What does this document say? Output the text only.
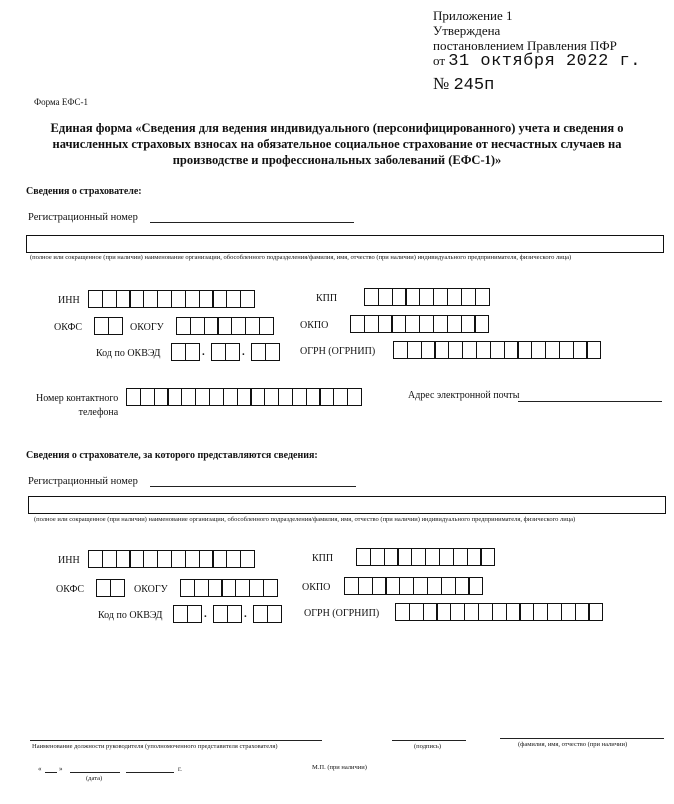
Приложение 1
Утверждена
постановлением Правления ПФР
от 31 октября 2022 г.
№ 245п
Форма ЕФС-1
Единая форма «Сведения для ведения индивидуального (персонифицированного) учета и сведения о начисленных страховых взносах на обязательное социальное страхование от несчастных случаев на производстве и профессиональных заболеваний (ЕФС-1)»
Сведения о страхователе:
Регистрационный номер
(полное или сокращенное (при наличии) наименование организации, обособленного подразделения/фамилия, имя, отчество (при наличии) индивидуального предпринимателя, физического лица)
ИНН	КПП
ОКФС	ОКОГУ	ОКПО
Код по ОКВЭД	.	.	ОГРН (ОГРНИП)
Номер контактного
телефона
Адрес электронной почты
Сведения о страхователе, за которого представляются сведения:
Регистрационный номер
(полное или сокращенное (при наличии) наименование организации, обособленного подразделения/фамилия, имя, отчество (при наличии) индивидуального предпринимателя, физического лица)
ИНН	КПП
ОКФС	ОКОГУ	ОКПО
Код по ОКВЭД	.	.	ОГРН (ОГРНИП)
Наименование должности руководителя (уполномоченного представителя страхователя)	(подпись)	(фамилия, имя, отчество (при наличии)
«	»	г.
(дата)
М.П. (при наличии)
